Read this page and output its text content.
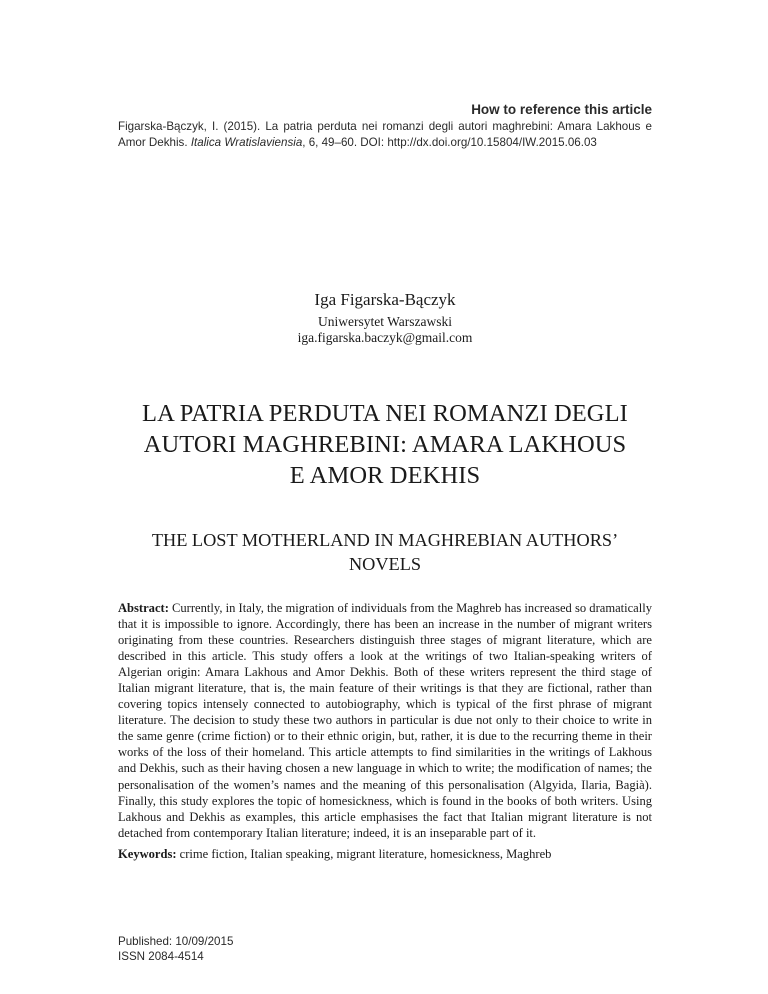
How to reference this article

Figarska-Bączyk, I. (2015). La patria perduta nei romanzi degli autori maghrebini: Amara Lakhous e Amor Dekhis. Italica Wratislaviensia, 6, 49–60. DOI: http://dx.doi.org/10.15804/IW.2015.06.03

Iga Figarska-Bączyk
Uniwersytet Warszawski
iga.figarska.baczyk@gmail.com
LA PATRIA PERDUTA NEI ROMANZI DEGLI
AUTORI MAGHREBINI: AMARA LAKHOUS
E AMOR DEKHIS
THE LOST MOTHERLAND IN MAGHREBIAN AUTHORS’
NOVELS

Abstract: Currently, in Italy, the migration of individuals from the Maghreb has increased so dramatically that it is impossible to ignore. Accordingly, there has been an increase in the number of migrant writers originating from these countries. Researchers distinguish three stages of migrant literature, which are described in this article. This study offers a look at the writings of two Italian-speaking writers of Algerian origin: Amara Lakhous and Amor Dekhis. Both of these writers represent the third stage of Italian migrant literature, that is, the main feature of their writings is that they are fictional, rather than covering topics intensely connected to autobiography, which is typical of the first phrase of migrant literature. The decision to study these two authors in particular is due not only to their choice to write in the same genre (crime fiction) or to their ethnic origin, but, rather, it is due to the recurring theme in their works of the loss of their homeland. This article attempts to find similarities in the writings of Lakhous and Dekhis, such as their having chosen a new language in which to write; the modification of names; the personalisation of the women’s names and the meaning of this personalisation (Algyida, Ilaria, Bagià). Finally, this study explores the topic of homesickness, which is found in the books of both writers. Using Lakhous and Dekhis as examples, this article emphasises the fact that Italian migrant literature is not detached from contemporary Italian literature; indeed, it is an inseparable part of it.

Keywords: crime fiction, Italian speaking, migrant literature, homesickness, Maghreb

Published: 10/09/2015
ISSN 2084-4514
